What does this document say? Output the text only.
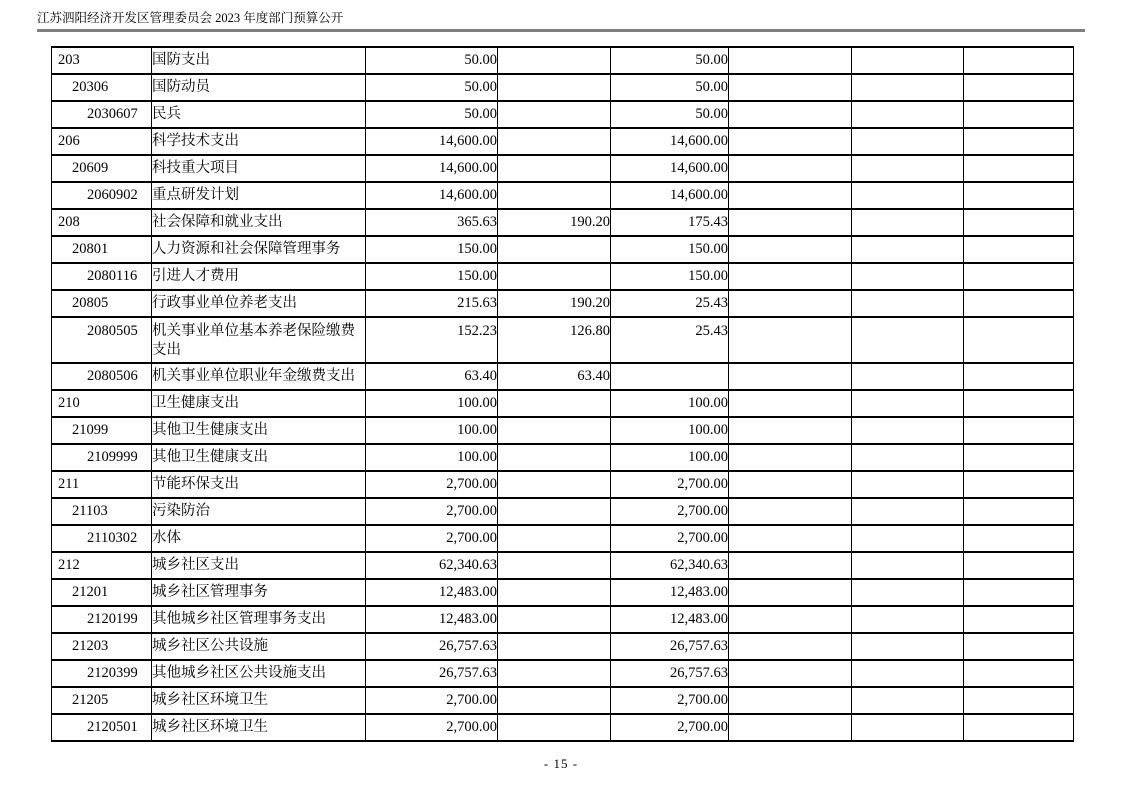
江苏泗阳经济开发区管理委员会 2023 年度部门预算公开
203	国防支出	50.00		50.00			
20306	国防动员	50.00		50.00			
2030607	民兵	50.00		50.00			
206	科学技术支出	14,600.00		14,600.00			
20609	科技重大项目	14,600.00		14,600.00			
2060902	重点研发计划	14,600.00		14,600.00			
208	社会保障和就业支出	365.63	190.20	175.43			
20801	人力资源和社会保障管理事务	150.00		150.00			
2080116	引进人才费用	150.00		150.00			
20805	行政事业单位养老支出	215.63	190.20	25.43			
2080505	机关事业单位基本养老保险缴费支出	152.23	126.80	25.43			
2080506	机关事业单位职业年金缴费支出	63.40	63.40				
210	卫生健康支出	100.00		100.00			
21099	其他卫生健康支出	100.00		100.00			
2109999	其他卫生健康支出	100.00		100.00			
211	节能环保支出	2,700.00		2,700.00			
21103	污染防治	2,700.00		2,700.00			
2110302	水体	2,700.00		2,700.00			
212	城乡社区支出	62,340.63		62,340.63			
21201	城乡社区管理事务	12,483.00		12,483.00			
2120199	其他城乡社区管理事务支出	12,483.00		12,483.00			
21203	城乡社区公共设施	26,757.63		26,757.63			
2120399	其他城乡社区公共设施支出	26,757.63		26,757.63			
21205	城乡社区环境卫生	2,700.00		2,700.00			
2120501	城乡社区环境卫生	2,700.00		2,700.00			
- 15 -
